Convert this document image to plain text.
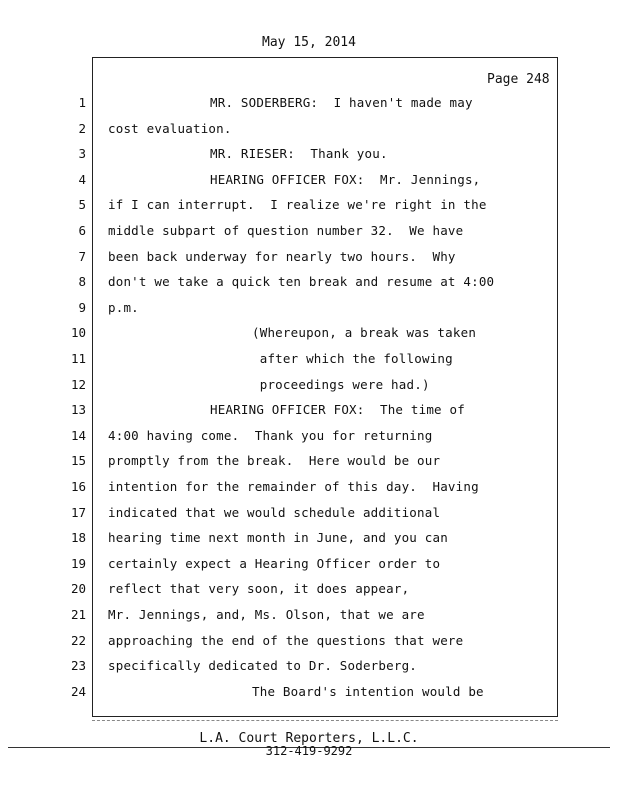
May 15, 2014
Page 248
1	MR. SODERBERG:  I haven't made may
2 cost evaluation.
3	MR. RIESER:  Thank you.
4	HEARING OFFICER FOX:  Mr. Jennings,
5 if I can interrupt.  I realize we're right in the
6 middle subpart of question number 32.  We have
7 been back underway for nearly two hours.  Why
8 don't we take a quick ten break and resume at 4:00
9 p.m.
10	(Whereupon, a break was taken
11	after which the following
12	proceedings were had.)
13	HEARING OFFICER FOX:  The time of
14 4:00 having come.  Thank you for returning
15 promptly from the break.  Here would be our
16 intention for the remainder of this day.  Having
17 indicated that we would schedule additional
18 hearing time next month in June, and you can
19 certainly expect a Hearing Officer order to
20 reflect that very soon, it does appear,
21 Mr. Jennings, and, Ms. Olson, that we are
22 approaching the end of the questions that were
23 specifically dedicated to Dr. Soderberg.
24	The Board's intention would be
L.A. Court Reporters, L.L.C.
312-419-9292
